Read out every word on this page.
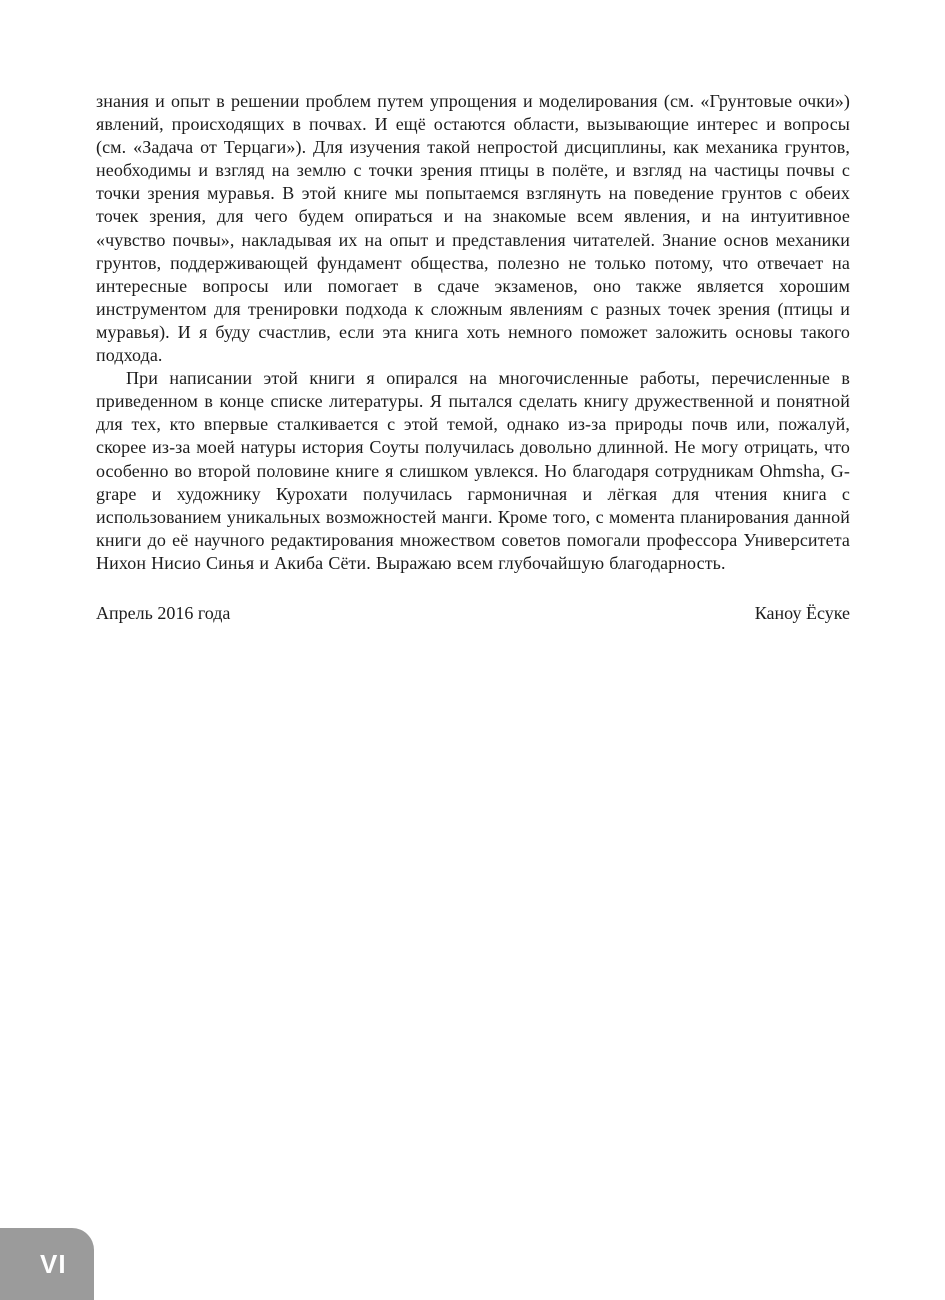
знания и опыт в решении проблем путем упрощения и моделирования (см. «Грунтовые очки») явлений, происходящих в почвах. И ещё остаются области, вызывающие интерес и вопросы (см. «Задача от Терцаги»). Для изучения такой непростой дисциплины, как механика грунтов, необходимы и взгляд на землю с точки зрения птицы в полёте, и взгляд на частицы почвы с точки зрения муравья. В этой книге мы попытаемся взглянуть на поведение грунтов с обеих точек зрения, для чего будем опираться и на знакомые всем явления, и на интуитивное «чувство почвы», накладывая их на опыт и представления читателей. Знание основ механики грунтов, поддерживающей фундамент общества, полезно не только потому, что отвечает на интересные вопросы или помогает в сдаче экзаменов, оно также является хорошим инструментом для тренировки подхода к сложным явлениям с разных точек зрения (птицы и муравья). И я буду счастлив, если эта книга хоть немного поможет заложить основы такого подхода.

При написании этой книги я опирался на многочисленные работы, перечисленные в приведенном в конце списке литературы. Я пытался сделать книгу дружественной и понятной для тех, кто впервые сталкивается с этой темой, однако из-за природы почв или, пожалуй, скорее из-за моей натуры история Соуты получилась довольно длинной. Не могу отрицать, что особенно во второй половине книге я слишком увлекся. Но благодаря сотрудникам Ohmsha, G-grape и художнику Курохати получилась гармоничная и лёгкая для чтения книга с использованием уникальных возможностей манги. Кроме того, с момента планирования данной книги до её научного редактирования множеством советов помогали профессора Университета Нихон Нисио Синья и Акиба Сёти. Выражаю всем глубочайшую благодарность.

Апрель 2016 года	Каноу Ёсуке
VI
